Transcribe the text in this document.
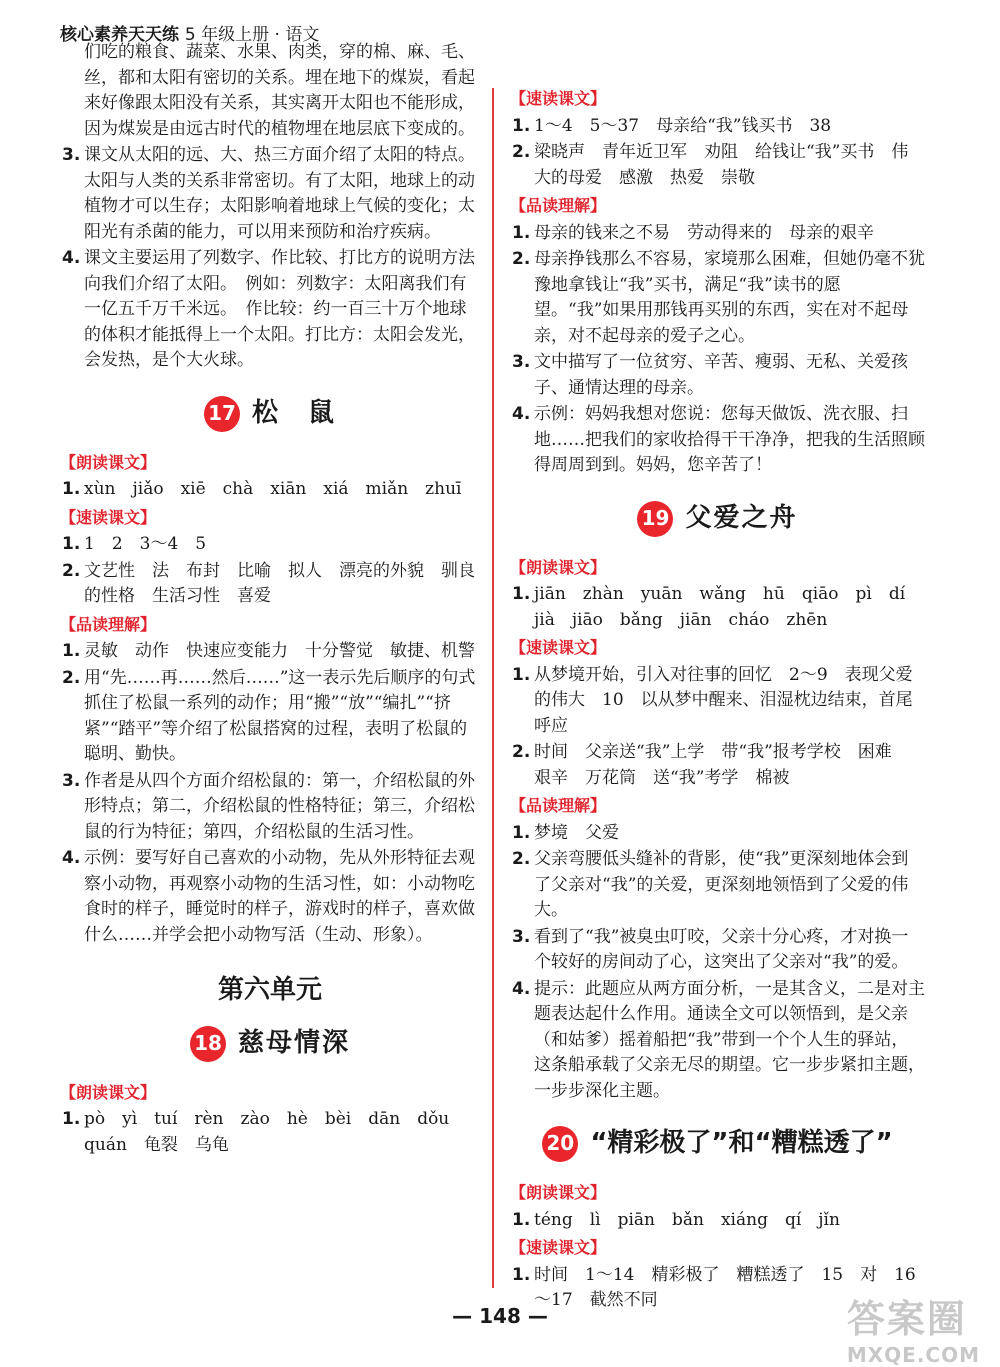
核心素养天天练 5 年级上册 · 语文
们吃的粮食、蔬菜、水果、肉类，穿的棉、麻、毛、丝，都和太阳有密切的关系。埋在地下的煤炭，看起来好像跟太阳没有关系，其实离开太阳也不能形成，因为煤炭是由远古时代的植物埋在地层底下变成的。
3. 课文从太阳的远、大、热三方面介绍了太阳的特点。太阳与人类的关系非常密切。有了太阳，地球上的动植物才可以生存；太阳影响着地球上气候的变化；太阳光有杀菌的能力，可以用来预防和治疗疾病。
4. 课文主要运用了列数字、作比较、打比方的说明方法向我们介绍了太阳。　例如：列数字：太阳离我们有一亿五千万千米远。　作比较：约一百三十万个地球的体积才能抵得上一个太阳。打比方：太阳会发光，会发热，是个大火球。
17 松　鼠
【朗读课文】
1. xùn　jiǎo　xiē　chà　xiān　xiá　miǎn　zhuī
【速读课文】
1. 1　2　3～4　5
2. 文艺性　法　布封　比喻　拟人　漂亮的外貌　驯良的性格　生活习性　喜爱
【品读理解】
1. 灵敏　动作　快速应变能力　十分警觉　敏捷、机警
2. 用“先……再……然后……”这一表示先后顺序的句式抓住了松鼠一系列的动作；用“搬”“放”“编扎”“挤紧”“踏平”等介绍了松鼠搭窝的过程，表明了松鼠的聪明、勤快。
3. 作者是从四个方面介绍松鼠的：第一，介绍松鼠的外形特点；第二，介绍松鼠的性格特征；第三，介绍松鼠的行为特征；第四，介绍松鼠的生活习性。
4. 示例：要写好自己喜欢的小动物，先从外形特征去观察小动物，再观察小动物的生活习性，如：小动物吃食时的样子，睡觉时的样子，游戏时的样子，喜欢做什么……并学会把小动物写活（生动、形象）。
第六单元
18 慈母情深
【朗读课文】
1. pò　yì　tuí　rèn　zào　hè　bèi　dān　dǒu　quán　龟裂　乌龟
【速读课文】
1. 1～4　5～37　母亲给“我”钱买书　38
2. 梁晓声　青年近卫军　劝阻　给钱让“我”买书　伟大的母爱　感激　热爱　崇敬
【品读理解】
1. 母亲的钱来之不易　劳动得来的　母亲的艰辛
2. 母亲挣钱那么不容易，家境那么困难，但她仍毫不犹豫地拿钱让“我”买书，满足“我”读书的愿望。“我”如果用那钱再买别的东西，实在对不起母亲，对不起母亲的爱子之心。
3. 文中描写了一位贫穷、辛苦、瘦弱、无私、关爱孩子、通情达理的母亲。
4. 示例：妈妈我想对您说：您每天做饭、洗衣服、扫地……把我们的家收拾得干干净净，把我的生活照顾得周周到到。妈妈，您辛苦了！
19 父爱之舟
【朗读课文】
1. jiān　zhàn　yuān　wǎng　hū　qiāo　pì　dí　jià　jiāo　bǎng　jiān　cháo　zhēn
【速读课文】
1. 从梦境开始，引入对往事的回忆　2～9　表现父爱的伟大　10　以从梦中醒来、泪湿枕边结束，首尾呼应
2. 时间　父亲送“我”上学　带“我”报考学校　困难　艰辛　万花筒　送“我”考学　棉被
【品读理解】
1. 梦境　父爱
2. 父亲弯腰低头缝补的背影，使“我”更深刻地体会到了父亲对“我”的关爱，更深刻地领悟到了父爱的伟大。
3. 看到了“我”被臭虫叮咬，父亲十分心疼，才对换一个较好的房间动了心，这突出了父亲对“我”的爱。
4. 提示：此题应从两方面分析，一是其含义，二是对主题表达起什么作用。通读全文可以领悟到，是父亲（和姑爹）摇着船把“我”带到一个个人生的驿站，这条船承载了父亲无尽的期望。它一步步紧扣主题，一步步深化主题。
20 “精彩极了”和“糟糕透了”
【朗读课文】
1. téng　lì　piān　bǎn　xiáng　qí　jǐn
【速读课文】
1. 时间　1～14　精彩极了　糟糕透了　15　对　16～17　截然不同
— 148 —	答案圈
MXQE.COM
